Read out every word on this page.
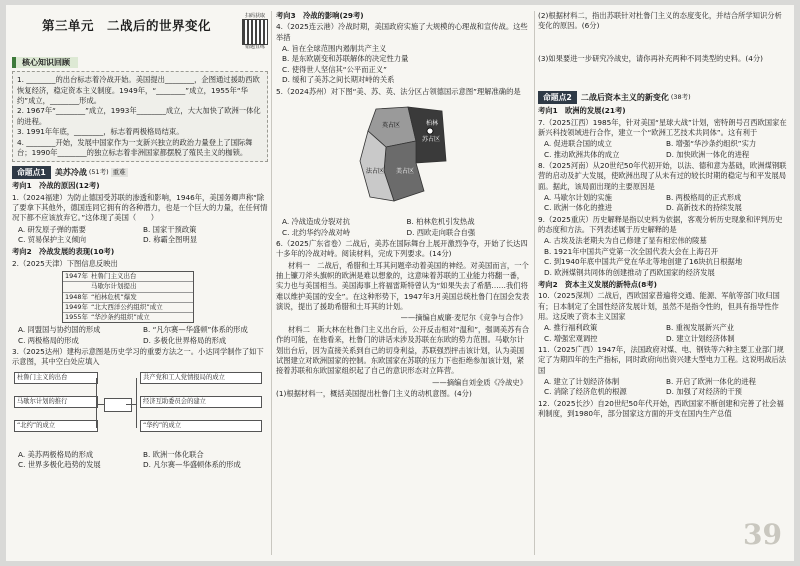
第三单元　二战后的世界变化
扫码获取
错题宜练
核心知识回顾

1. ________的出台标志着冷战开始。美国提出________，企图通过援助西欧恢复经济，稳定资本主义制度。1949年，“________”成立，1955年“华约”成立，________形成。

2. 1967年“________”成立，1993年________成立，大大加快了欧洲一体化的进程。

3. 1991年年底，________，标志着两极格局结束。

4. ________开始，发展中国家作为一支新兴独立的政治力量登上了国际舞台；1990年________的独立标志着非洲国家都摆脱了殖民主义的枷锁。

命题点1	美苏冷战 (51考) 重难
考向1　冷战的原因(12考)
1.（2024福建）为防止德国受苏联的渗透和影响，1946年，美国务卿声称“除了要拿下其他外，德国连同它拥有的各种潜力，也是一个巨大的力量，在任何情况下都不应该放弃它。”这体现了美国（　　）
A. 研发原子弹的需要	B. 国家干预政策
C. 贸易保护主义倾向	D. 称霸全图明显
考向2　冷战发展的表现(10考)
2.（2025天津）下图信息反映出
1947年 杜鲁门主义出台
马歇尔计划提出
1948年 “柏林危机”爆发
1949年 “北大西洋公约组织”成立
1955年 “华沙条约组织”成立
A. 同盟国与协约国的形成	B. “凡尔赛—华盛顿”体系的形成
C. 两极格局的形成	D. 多极化世界格局的形成
3.（2025达州）建构示意图是历史学习的重要方法之一。小达同学制作了如下示意图，其中空白处应填入
杜鲁门主义的出台
马歇尔计划的推行
“北约”的成立
共产党和工人党情报局的成立
经济互助委员会的建立
“华约”的成立
A. 美苏两极格局的形成	B. 欧洲一体化联合
C. 世界多极化趋势的发展	D. 凡尔赛—华盛顿体系的形成
考向3　冷战的影响(29考)
4.（2025连云港）冷战时期，美国政府实施了大规模的心理战和宣传战。这些举措
A. 旨在全球范围内遏制共产主义
B. 是东欧剧变和苏联解体的决定性力量
C. 使得世人坚信其“公平而正义”
D. 缓和了美苏之间长期对峙的关系
5.（2024苏州）对下图“美、苏、英、法分区占领德国示意图”理解准确的是
苏占区
柏林
英占区
美占区
法占区
A. 冷战造成分裂对抗	B. 柏林危机引发热战
C. 北约华约冷战对峙	D. 西欧走向联合自强
6.（2025广东省卷）二战后，美苏在国际舞台上展开激烈争夺，开始了长达四十多年的冷战对峙。阅读材料，完成下列要求。(14分)

材料一　二战后，希腊和土耳其问题牵动着美国的神经。对美国而言，一个抽上镰刀斧头旗帜的欧洲是难以想象的，这意味着苏联的工业能力将翻一番，实力也与美国相当。美国海事上将福雷斯特曾认为“如果失去了希腊……我们将难以维护美国的安全”。在这种形势下，1947年3月美国总统杜鲁门在国会发表演说，提出了援助希腊和土耳其的计划。

——摘编自威廉·麦尼尔《竞争与合作》

材料二　斯大林在杜鲁门主义出台后，公开反击相对“温和”，强调美苏有合作的可能，在他看来，杜鲁门的讲话未涉及苏联在东欧的势力范围。马歇尔计划出台后，因为直接关系到自己的切身利益，苏联强烈抨击该计划，认为美国试图建立对欧洲国家的控制。东欧国家在苏联的压力下也拒绝参加该计划，紧接着苏联和东欧国家组织起了自己的意识形态对立阵营。

——摘编自刘金质《冷战史》
(1)根据材料一，概括美国提出杜鲁门主义的动机意图。(4分)
(2)根据材料二，指出苏联针对杜鲁门主义的态度变化，并结合所学知识分析变化的原因。(6分)
(3)如果要进一步研究冷战史，请你再补充两种不同类型的史料。(4分)
命题点2	二战后资本主义的新变化 (38考)
考向1　欧洲的发展(21考)
7.（2025江西）1985年，针对美国“星球大战”计划，密特朗号召西欧国家在新兴科技领域进行合作，建立一个“欧洲工艺技术共同体”。这有利于
A. 促进联合国的成立	B. 增强“华沙条约组织”实力
C. 推动欧洲共体的成立	D. 加快欧洲一体化的进程
8.（2025河南）从20世纪50年代初开始，以法、德和意为基础，欧洲煤钢联营的启动及扩大发展，使欧洲出现了从未有过的较长时期的稳定与和平发展局面。据此，该局面出现的主要原因是
A. 马歇尔计划的实施	B. 两极格局的正式形成
C. 欧洲一体化的推进	D. 高新技术的持续发展
9.（2025重庆）历史解释是指以史料为依据，客观分析历史现象和评判历史的态度和方法。下列表述属于历史解释的是
A. 古埃及法老期夫为自己修建了显有相宏伟的陵墓
B. 1921年中国共产党第一次全国代表大会在上海召开
C. 到1940年底中国共产党在华北等地创建了16块抗日根据地
D. 欧洲煤钢共同体的创建推动了西欧国家的经济发展
考向2　资本主义发展的新特点(8考)
10.（2025深圳）二战后，西欧国家普遍将交通、能源、军航等部门收归国有；日本制定了全国性经济发展计划，虽然不是指令性的，但具有指导性作用。这反映了资本主义国家
A. 推行福利政策	B. 重视发展新兴产业
C. 增强宏观调控	D. 建立计划经济体制
11.（2025广西）1947年，法国政府对煤、电、钢铁等六种主要工业部门规定了为期四年的生产指标，同时政府向出资兴建大型电力工程。这说明战后法国
A. 建立了计划经济体制	B. 开启了欧洲一体化的进程
C. 消除了经济危机的根源	D. 加强了对经济的干预
12.（2025长沙）自20世纪50年代开始，西欧国家不断创建和完善了社会福利制度，到1980年，部分国家这方面的开支在国内生产总值
39
